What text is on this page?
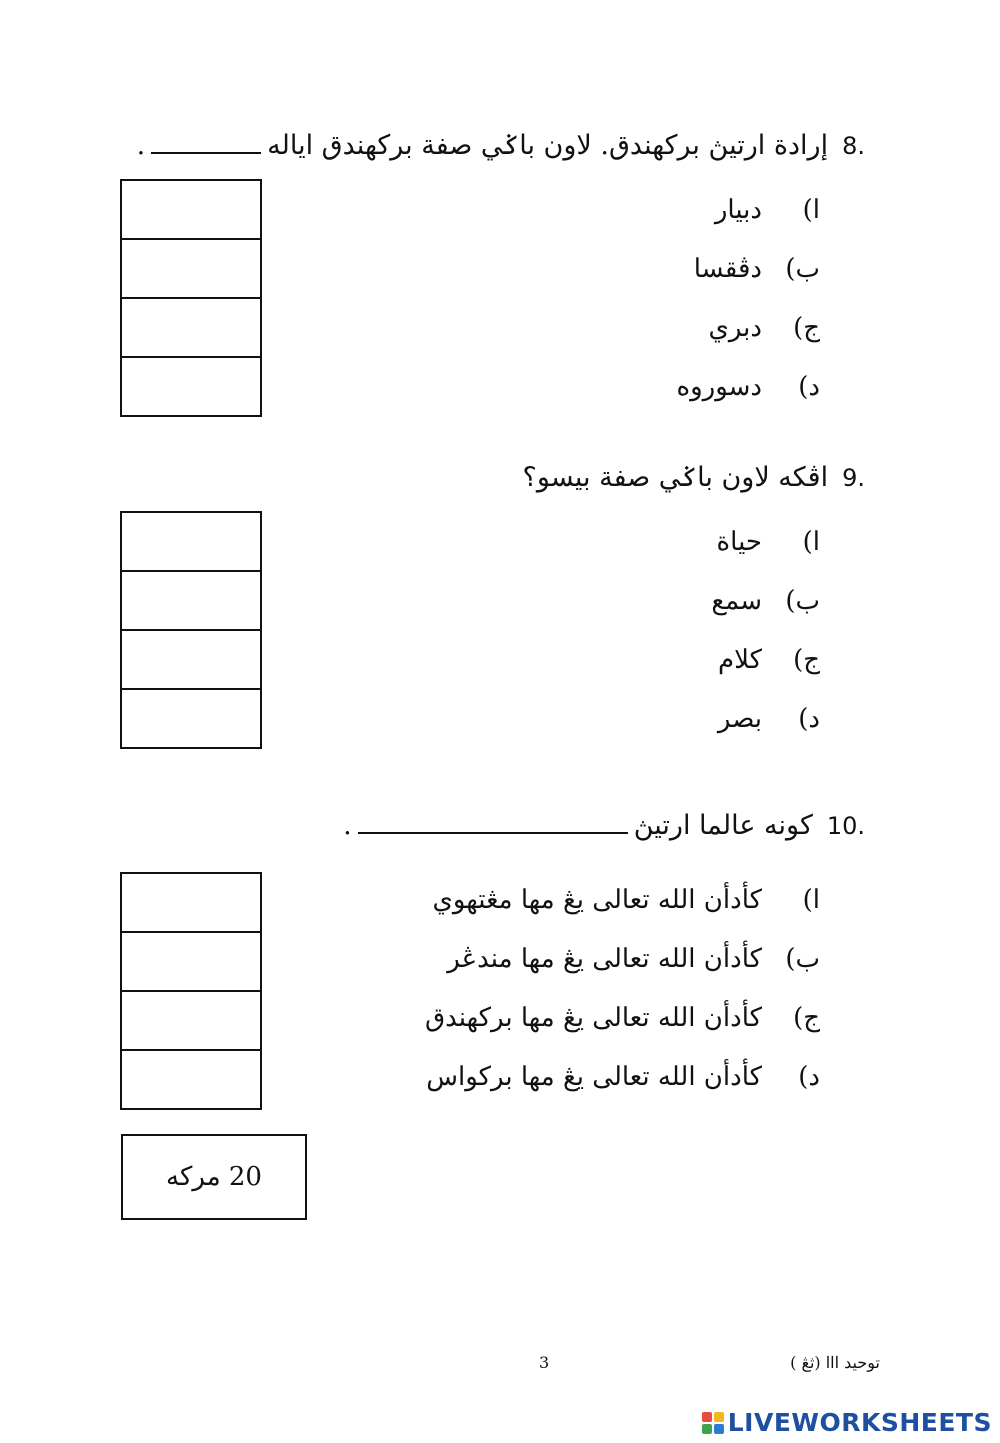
8.
إرادة ارتيڽ بركهندق. لاون باݢي صفة بركهندق اياله
.
ا)دبيار
ب)دڤقسا
ج)دبري
د)دسوروه
9.
اڤكه لاون باݢي صفة بيسو؟
ا)حياة
ب)سمع
ج)كلام
د)بصر
10.
كونه عالما ارتيڽ
.
ا)كأدأن الله تعالى يڠ مها مڠتهوي
ب)كأدأن الله تعالى يڠ مها مندڠر
ج)كأدأن الله تعالى يڠ مها بركهندق
د)كأدأن الله تعالى يڠ مها بركواس
20 مركه
توحيد ااا (ثڠ )
3
LIVEWORKSHEETS
